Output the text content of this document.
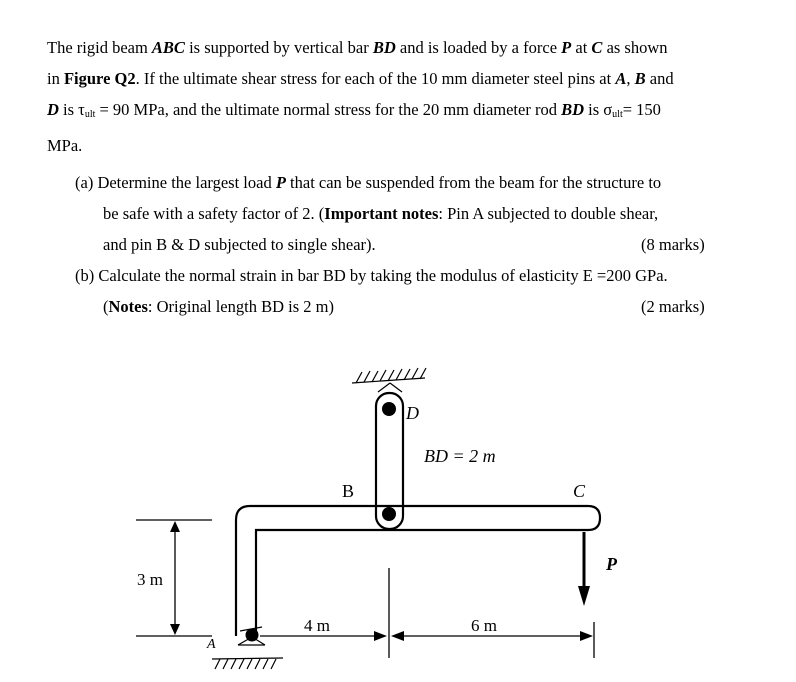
The rigid beam ABC is supported by vertical bar BD and is loaded by a force P at C as shown
in Figure Q2. If the ultimate shear stress for each of the 10 mm diameter steel pins at A, B and
D is $\tau_{ult} = 90$ MPa, and the ultimate normal stress for the 20 mm diameter rod BD is $\sigma_{ult}= 150$
MPa.
(a) Determine the largest load P that can be suspended from the beam for the structure to
be safe with a safety factor of 2. (Important notes: Pin A subjected to double shear,
and pin B & D subjected to single shear).	(8 marks)
(b) Calculate the normal strain in bar BD by taking the modulus of elasticity E =200 GPa.
(Notes: Original length BD is 2 m)	(2 marks)
D
BD = 2 m
B	C
P
A
3 m
4 m	6 m
